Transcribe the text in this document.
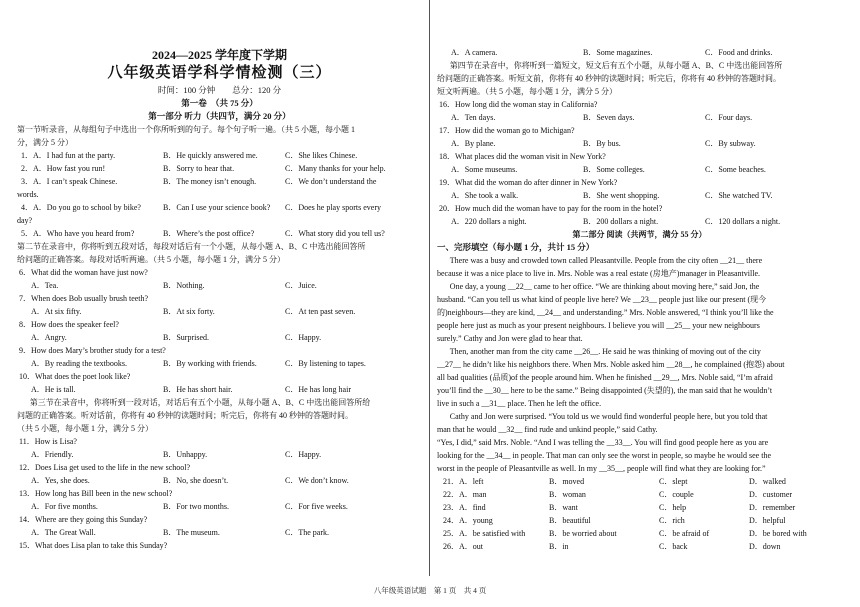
2024—2025 学年度下学期
八年级英语学科学情检测（三）
时间：100 分钟　　总分：120 分
第一卷　（共 75 分）
第一部分 听力（共四节，满分 20 分）
第一节听录音，从每组句子中选出一个你所听到的句子。每个句子听一遍。（共 5 小题，每小题 1
分，满分 5 分）
1．A．I had fun at the party.	B．He quickly answered me.	C．She likes Chinese.
2．A．How fast you run!	B．Sorry to hear that.	C．Many thanks for your help.
3．A．I can’t speak Chinese.	B．The money isn’t enough.	C．We don’t understand the
words.
4．A．Do you go to school by bike?	B．Can I use your science book? C．Does he play sports every
day?
5．A．Who have you heard from?	B．Where’s the post office?	C．What story did you tell us?
第二节在录音中，你将听到五段对话，每段对话后有一个小题，从每小题 A、B、C 中选出能回答所
给问题的正确答案。每段对话听两遍。（共 5 小题，每小题 1 分，满分 5 分）
6．What did the woman have just now?
A．Tea.	B．Nothing.	C．Juice.
7．When does Bob usually brush teeth?
A．At six fifty.	B．At six forty.	C．At ten past seven.
8．How does the speaker feel?
A．Angry.	B．Surprised.	C．Happy.
9．How does Mary’s brother study for a test?
A．By reading the textbooks.	B．By working with friends.	C．By listening to tapes.
10．What does the poet look like?
A．He is tall.	B．He has short hair.	C．He has long hair
第三节在录音中，你将听到一段对话，对话后有五个小题，从每小题 A、B、C 中选出能回答所给
问题的正确答案。听对话前，你将有 40 秒钟的读题时间；听完后，你将有 40 秒钟的答题时间。
（共 5 小题，每小题 1 分，满分 5 分）
11．How is Lisa?
A．Friendly.	B．Unhappy.	C．Happy.
12．Does Lisa get used to the life in the new school?
A．Yes, she does.	B．No, she doesn’t.	C．We don’t know.
13．How long has Bill been in the new school?
A．For five months.	B．For two months.	C．For five weeks.
14．Where are they going this Sunday?
A．The Great Wall.	B．The museum.	C．The park.
15．What does Lisa plan to take this Sunday?
A．A camera.	B．Some magazines.	C．Food and drinks.
第四节在录音中，你将听到一篇短文，短文后有五个小题，从每小题 A、B、C 中选出能回答所
给问题的正确答案。听短文前，你将有 40 秒钟的读题时间；听完后，你将有 40 秒钟的答题时间。
短文听两遍。（共 5 小题，每小题 1 分，满分 5 分）
16．How long did the woman stay in California?
A．Ten days.	B．Seven days.	C．Four days.
17．How did the woman go to Michigan?
A．By plane.	B．By bus.	C．By subway.
18．What places did the woman visit in New York?
A．Some museums.	B．Some colleges.	C．Some beaches.
19．What did the woman do after dinner in New York?
A．She took a walk.	B．She went shopping.	C．She watched TV.
20．How much did the woman have to pay for the room in the hotel?
A．220 dollars a night.	B．200 dollars a night.	C．120 dollars a night.
第二部分 阅读（共两节，满分 55 分）
一、完形填空（每小题 1 分，共计 15 分）
There was a busy and crowded town called Pleasantville. People from the city often __21__ there
because it was a nice place to live in. Mrs. Noble was a real estate (房地产)manager in Pleasantville.
One day, a young __22__ came to her office. “We are thinking about moving here,” said Jon, the
husband. “Can you tell us what kind of people live here? We __23__ people just like our present (现今
的)neighbours—they are kind, __24__ and understanding.” Mrs. Noble answered, “I think you’ll like the
people here just as much as your present neighbours. I believe you will __25__ your new neighbours
surely.” Cathy and Jon were glad to hear that.
Then, another man from the city came __26__. He said he was thinking of moving out of the city
__27__ he didn’t like his neighbors there. When Mrs. Noble asked him __28__, he complained (抱怨) about
all bad qualities (品质)of the people around him. When he finished __29__, Mrs. Noble said, “I’m afraid
you’ll find the __30__ here to be the same.” Being disappointed (失望的), the man said that he wouldn’t
live in such a __31__ place. Then he left the office.
Cathy and Jon were surprised. “You told us we would find wonderful people here, but you told that
man that he would __32__ find rude and unkind people,” said Cathy.
“Yes, I did,” said Mrs. Noble. “And I was telling the __33__. You will find good people here as you are
looking for the __34__ in people. That man can only see the worst in people, so maybe he would see the
worst in the people of Pleasantville as well. In my __35__, people will find what they are looking for.”
21．A．left	B．moved	C．slept	D．walked
22．A．man	B．woman	C．couple	D．customer
23．A．find	B．want	C．help	D．remember
24．A．young	B．beautiful	C．rich	D．helpful
25．A．be satisfied with	B．be worried about	C．be afraid of	D．be bored with
26．A．out	B．in	C．back	D．down
八年级英语试题　第 1 页　共 4 页
